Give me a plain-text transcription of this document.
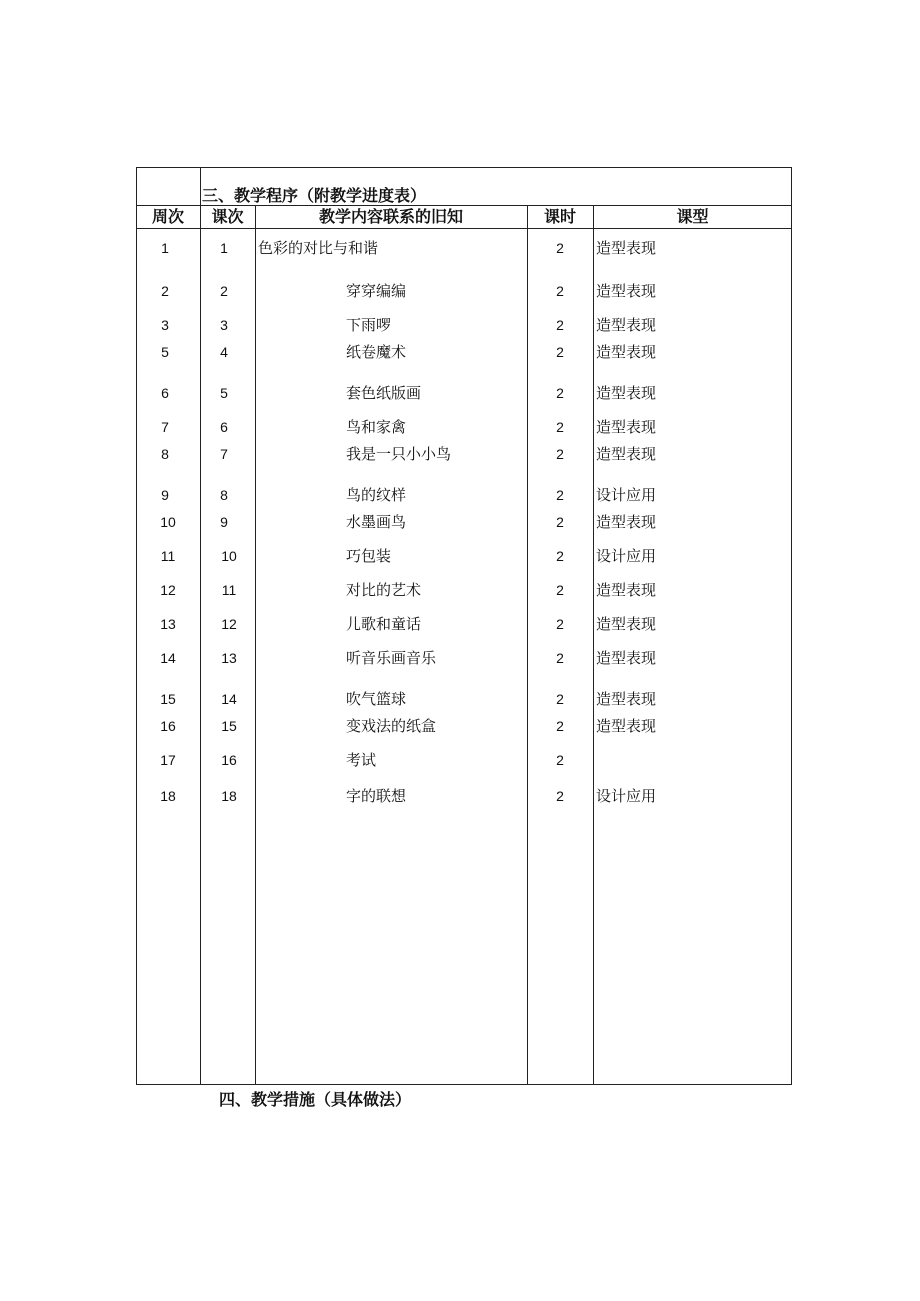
三、教学程序（附教学进度表）
周次	课次	教学内容联系的旧知	课时	课型
1	1	色彩的对比与和谐	2	造型表现
2	2	穿穿编编	2	造型表现
3	3	下雨啰	2	造型表现
5	4	纸卷魔术	2	造型表现
6	5	套色纸版画	2	造型表现
7	6	鸟和家禽	2	造型表现
8	7	我是一只小小鸟	2	造型表现
9	8	鸟的纹样	2	设计应用
10	9	水墨画鸟	2	造型表现
11	10	巧包装	2	设计应用
12	11	对比的艺术	2	造型表现
13	12	儿歌和童话	2	造型表现
14	13	听音乐画音乐	2	造型表现
15	14	吹气篮球	2	造型表现
16	15	变戏法的纸盒	2	造型表现
17	16	考试	2
18	18	字的联想	2	设计应用
四、教学措施（具体做法）
